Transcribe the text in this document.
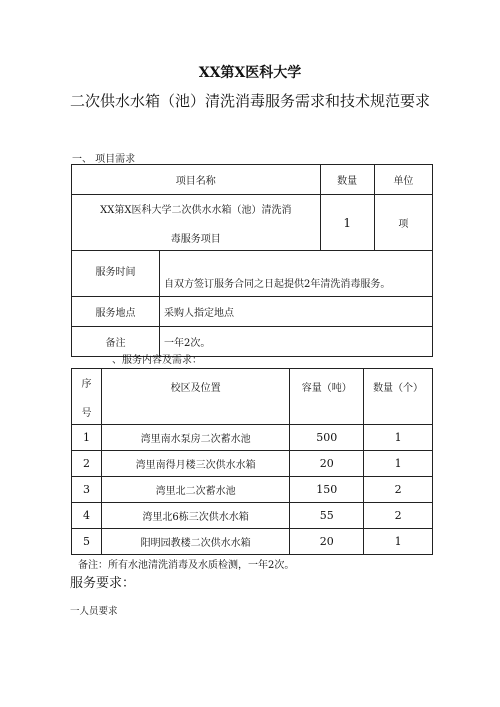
XX第X医科大学
二次供水水箱（池）清洗消毒服务需求和技术规范要求
一、 项目需求
项目名称		数量	单位

XX第X医科大学二次供水水箱（池）清洗消
毒服务项目		1	项
服务时间	自双方签订服务合同之日起提供2年清洗消毒服务。		
服务地点	采购人指定地点		
备注	一年2次。		
、服务内容及需求：
序
号	校区及位置	容量（吨）	数量（个）
1	湾里南水泵房二次蓄水池	500	1
2	湾里南得月楼三次供水水箱	20	1
3	湾里北二次蓄水池	150	2
4	湾里北6栋三次供水水箱	55	2
5	阳明园教楼二次供水水箱	20	1
备注：所有水池清洗消毒及水质检测，一年2次。
服务要求：
一人员要求
